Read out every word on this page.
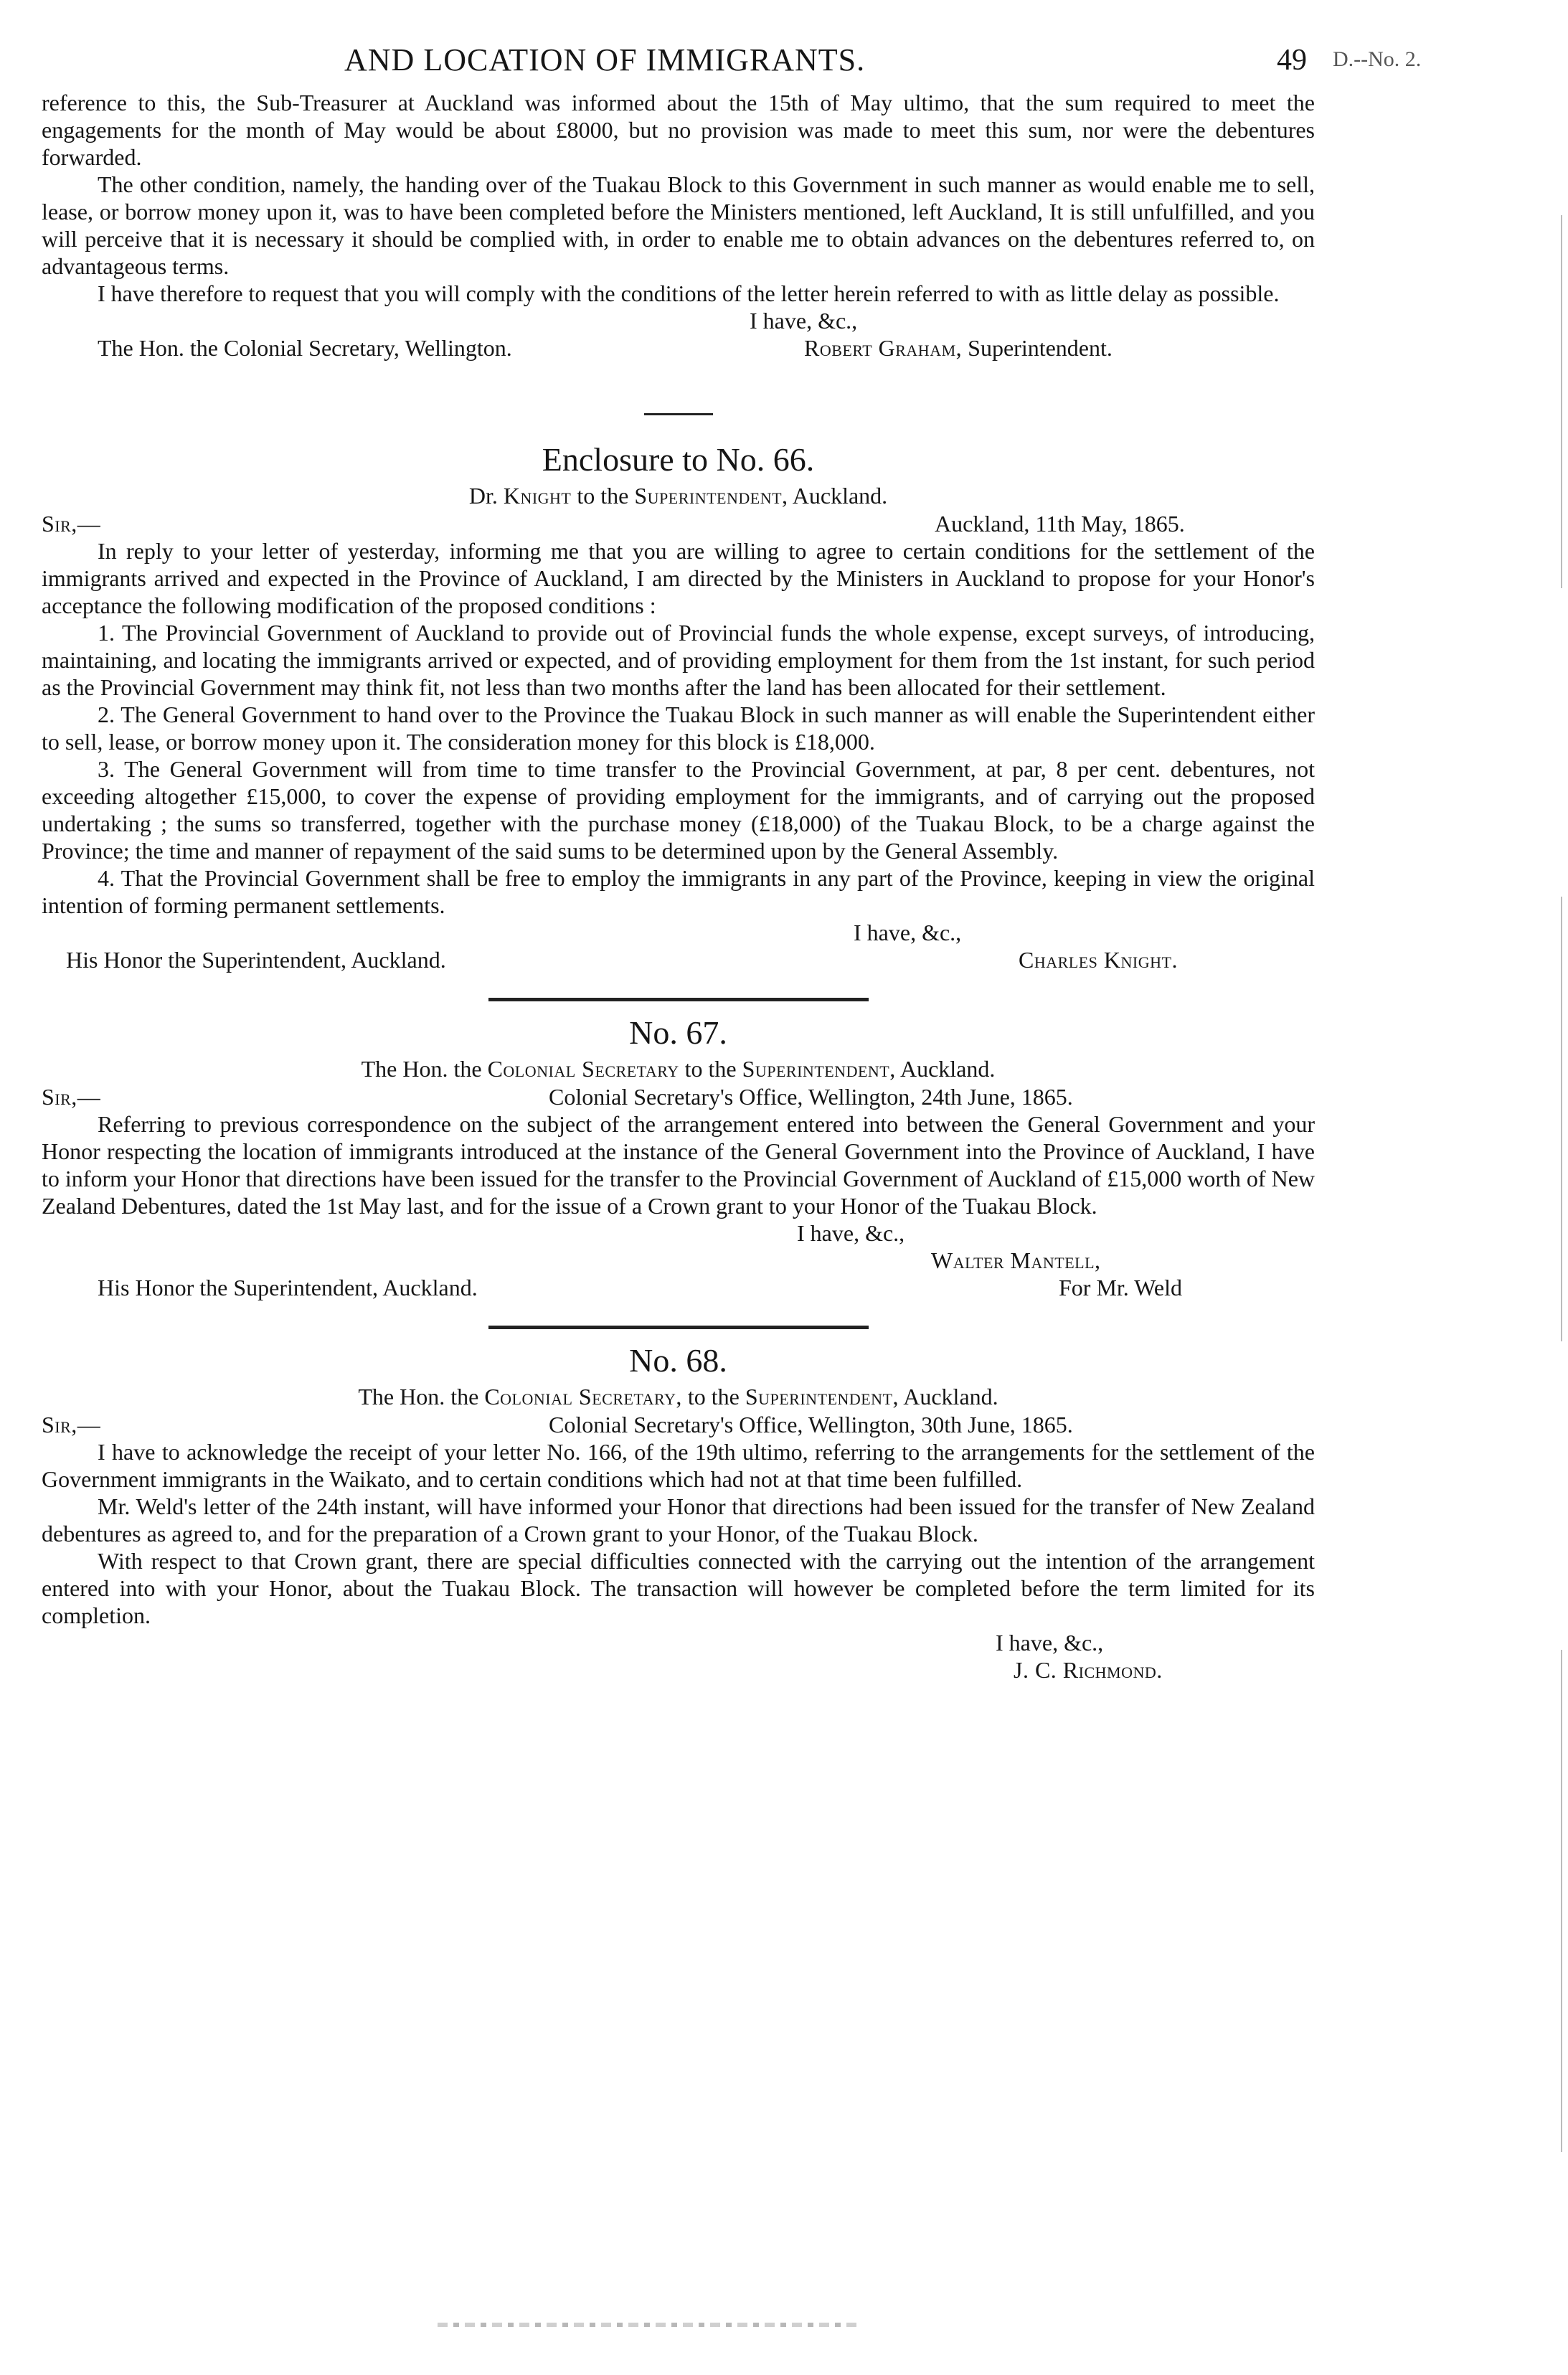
AND LOCATION OF IMMIGRANTS.	49 D.--No. 2.

reference to this, the Sub-Treasurer at Auckland was informed about the 15th of May ultimo, that the sum required to meet the engagements for the month of May would be about £8000, but no provision was made to meet this sum, nor were the debentures forwarded.

The other condition, namely, the handing over of the Tuakau Block to this Government in such manner as would enable me to sell, lease, or borrow money upon it, was to have been completed before the Ministers mentioned, left Auckland, It is still unfulfilled, and you will perceive that it is necessary it should be complied with, in order to enable me to obtain advances on the debentures referred to, on advantageous terms.

I have therefore to request that you will comply with the conditions of the letter herein referred to with as little delay as possible.

I have, &c.,
The Hon. the Colonial Secretary, Wellington.	Robert Graham, Superintendent.
Enclosure to No. 66.
Dr. Knight to the Superintendent, Auckland.
Sir,—	Auckland, 11th May, 1865.

In reply to your letter of yesterday, informing me that you are willing to agree to certain conditions for the settlement of the immigrants arrived and expected in the Province of Auckland, I am directed by the Ministers in Auckland to propose for your Honor's acceptance the following modification of the proposed conditions :

1. The Provincial Government of Auckland to provide out of Provincial funds the whole expense, except surveys, of introducing, maintaining, and locating the immigrants arrived or expected, and of providing employment for them from the 1st instant, for such period as the Provincial Government may think fit, not less than two months after the land has been allocated for their settlement.

2. The General Government to hand over to the Province the Tuakau Block in such manner as will enable the Superintendent either to sell, lease, or borrow money upon it. The consideration money for this block is £18,000.

3. The General Government will from time to time transfer to the Provincial Government, at par, 8 per cent. debentures, not exceeding altogether £15,000, to cover the expense of providing employment for the immigrants, and of carrying out the proposed undertaking ; the sums so transferred, together with the purchase money (£18,000) of the Tuakau Block, to be a charge against the Province; the time and manner of repayment of the said sums to be determined upon by the General Assembly.

4. That the Provincial Government shall be free to employ the immigrants in any part of the Province, keeping in view the original intention of forming permanent settlements.

I have, &c.,
His Honor the Superintendent, Auckland.	Charles Knight.
No. 67.
The Hon. the Colonial Secretary to the Superintendent, Auckland.
Sir,—	Colonial Secretary's Office, Wellington, 24th June, 1865.

Referring to previous correspondence on the subject of the arrangement entered into between the General Government and your Honor respecting the location of immigrants introduced at the instance of the General Government into the Province of Auckland, I have to inform your Honor that directions have been issued for the transfer to the Provincial Government of Auckland of £15,000 worth of New Zealand Debentures, dated the 1st May last, and for the issue of a Crown grant to your Honor of the Tuakau Block.

I have, &c.,
Walter Mantell,
His Honor the Superintendent, Auckland.	For Mr. Weld
No. 68.
The Hon. the Colonial Secretary, to the Superintendent, Auckland.
Sir,—	Colonial Secretary's Office, Wellington, 30th June, 1865.

I have to acknowledge the receipt of your letter No. 166, of the 19th ultimo, referring to the arrangements for the settlement of the Government immigrants in the Waikato, and to certain conditions which had not at that time been fulfilled.

Mr. Weld's letter of the 24th instant, will have informed your Honor that directions had been issued for the transfer of New Zealand debentures as agreed to, and for the preparation of a Crown grant to your Honor, of the Tuakau Block.

With respect to that Crown grant, there are special difficulties connected with the carrying out the intention of the arrangement entered into with your Honor, about the Tuakau Block. The transaction will however be completed before the term limited for its completion.

I have, &c.,
J. C. Richmond.
